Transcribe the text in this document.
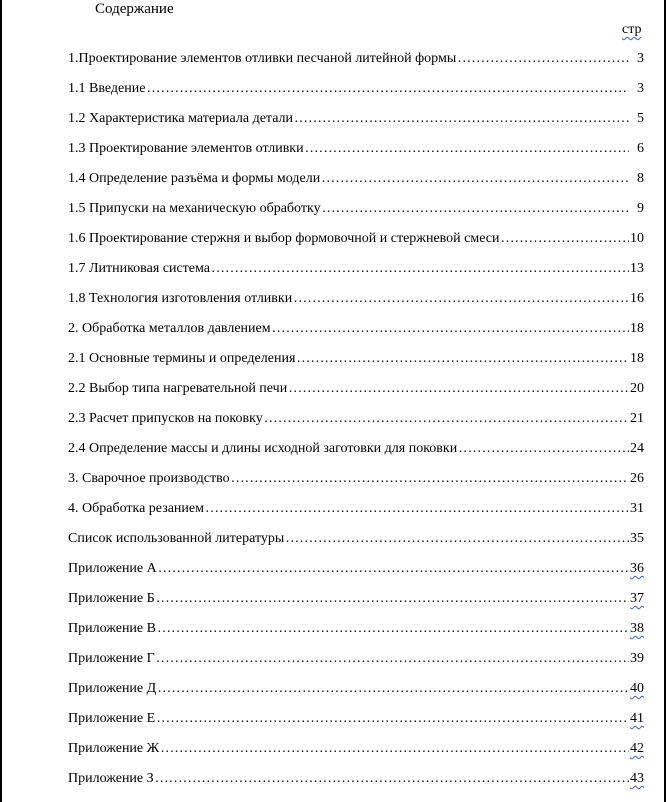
Содержание
стр
1.Проектирование элементов отливки песчаной литейной формы ……………………………………………………………………………………………………………………………………………………………	3
1.1 Введение ……………………………………………………………………………………………………………………………………………………………	3
1.2 Характеристика материала детали ……………………………………………………………………………………………………………………………………………………………	5
1.3 Проектирование элементов отливки ……………………………………………………………………………………………………………………………………………………………	6
1.4 Определение разъёма и формы модели ……………………………………………………………………………………………………………………………………………………………	8
1.5 Припуски на механическую обработку ……………………………………………………………………………………………………………………………………………………………	9
1.6 Проектирование стержня и выбор формовочной и стержневой смеси ……………………………………………………………………………………………………………………………………………………………	10
1.7 Литниковая система ……………………………………………………………………………………………………………………………………………………………	13
1.8 Технология изготовления отливки ……………………………………………………………………………………………………………………………………………………………	16
2. Обработка металлов давлением ……………………………………………………………………………………………………………………………………………………………	18
2.1 Основные термины и определения ……………………………………………………………………………………………………………………………………………………………	18
2.2 Выбор типа нагревательной печи ……………………………………………………………………………………………………………………………………………………………	20
2.3 Расчет припусков на поковку ……………………………………………………………………………………………………………………………………………………………	21
2.4 Определение массы и длины исходной заготовки для поковки ……………………………………………………………………………………………………………………………………………………………	24
3. Сварочное производство ……………………………………………………………………………………………………………………………………………………………	26
4. Обработка резанием ……………………………………………………………………………………………………………………………………………………………	31
Список использованной литературы ……………………………………………………………………………………………………………………………………………………………	35
Приложение А ……………………………………………………………………………………………………………………………………………………………	36
Приложение Б ……………………………………………………………………………………………………………………………………………………………	37
Приложение В ……………………………………………………………………………………………………………………………………………………………	38
Приложение Г ……………………………………………………………………………………………………………………………………………………………	39
Приложение Д ……………………………………………………………………………………………………………………………………………………………	40
Приложение Е ……………………………………………………………………………………………………………………………………………………………	41
Приложение Ж ……………………………………………………………………………………………………………………………………………………………	42
Приложение З ……………………………………………………………………………………………………………………………………………………………	43
